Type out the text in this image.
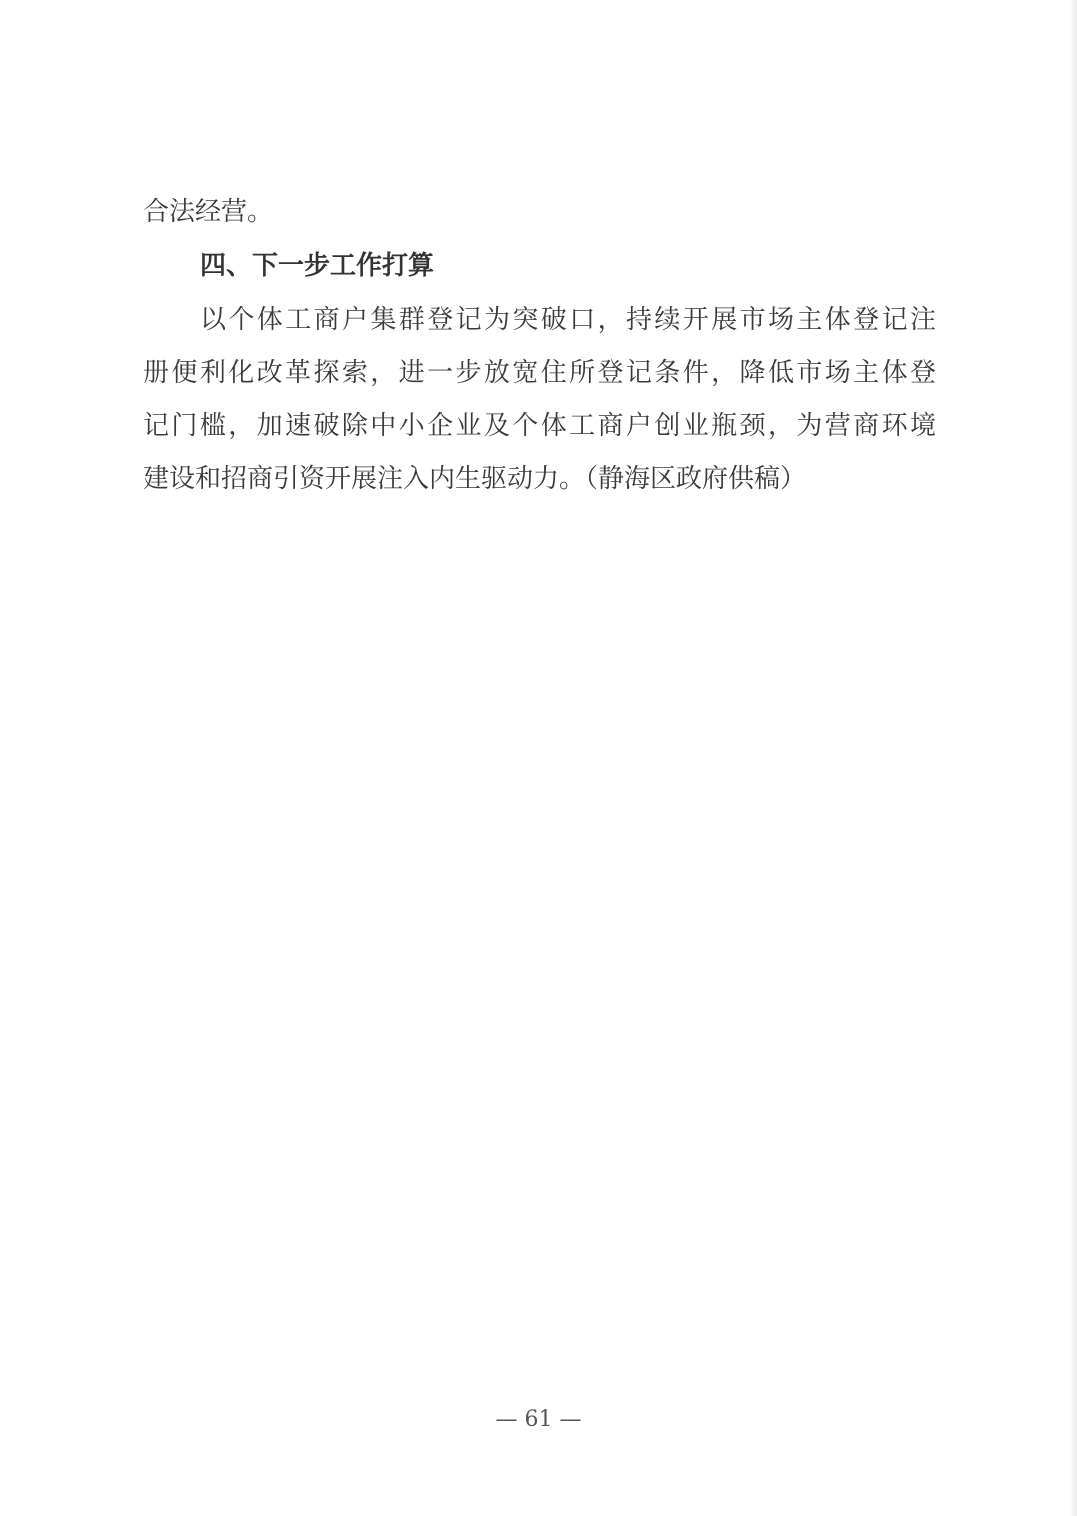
合法经营。
四、下一步工作打算
以个体工商户集群登记为突破口，持续开展市场主体登记注
册便利化改革探索，进一步放宽住所登记条件，降低市场主体登
记门槛，加速破除中小企业及个体工商户创业瓶颈，为营商环境
建设和招商引资开展注入内生驱动力。（静海区政府供稿）
— 61 —
